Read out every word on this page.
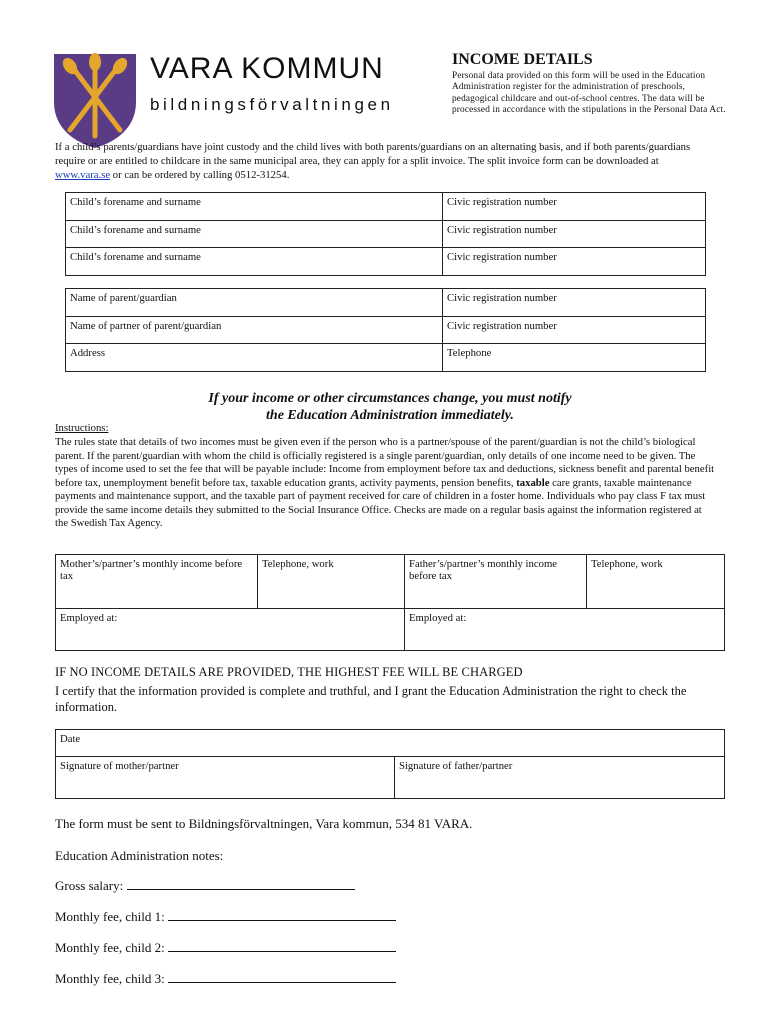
VARA KOMMUN
bildningsförvaltningen
INCOME DETAILS
Personal data provided on this form will be used in the Education Administration register for the administration of preschools, pedagogical childcare and out-of-school centres. The data will be processed in accordance with the stipulations in the Personal Data Act.
If a child’s parents/guardians have joint custody and the child lives with both parents/guardians on an alternating basis, and if both parents/guardians require or are entitled to childcare in the same municipal area, they can apply for a split invoice. The split invoice form can be downloaded at www.vara.se or can be ordered by calling 0512-31254.
Child’s forename and surname	Civic registration number
Child’s forename and surname	Civic registration number
Child’s forename and surname	Civic registration number
Name of parent/guardian	Civic registration number
Name of partner of parent/guardian	Civic registration number
Address	Telephone
If your income or other circumstances change, you must notify
the Education Administration immediately.
Instructions:
The rules state that details of two incomes must be given even if the person who is a partner/spouse of the parent/guardian is not the child’s biological parent. If the parent/guardian with whom the child is officially registered is a single parent/guardian, only details of one income need to be given. The types of income used to set the fee that will be payable include: Income from employment before tax and deductions, sickness benefit and parental benefit before tax, unemployment benefit before tax, taxable education grants, activity payments, pension benefits, taxable care grants, taxable maintenance payments and maintenance support, and the taxable part of payment received for care of children in a foster home. Individuals who pay class F tax must provide the same income details they submitted to the Social Insurance Office. Checks are made on a regular basis against the information registered at the Swedish Tax Agency.
Mother’s/partner’s monthly income before tax	Telephone, work	Father’s/partner’s monthly income before tax	Telephone, work
Employed at:		Employed at:	
IF NO INCOME DETAILS ARE PROVIDED, THE HIGHEST FEE WILL BE CHARGED
I certify that the information provided is complete and truthful, and I grant the Education Administration the right to check the information.
Date
Signature of mother/partner	Signature of father/partner
The form must be sent to Bildningsförvaltningen, Vara kommun, 534 81 VARA.
Education Administration notes:
Gross salary:
Monthly fee, child 1:
Monthly fee, child 2:
Monthly fee, child 3:
